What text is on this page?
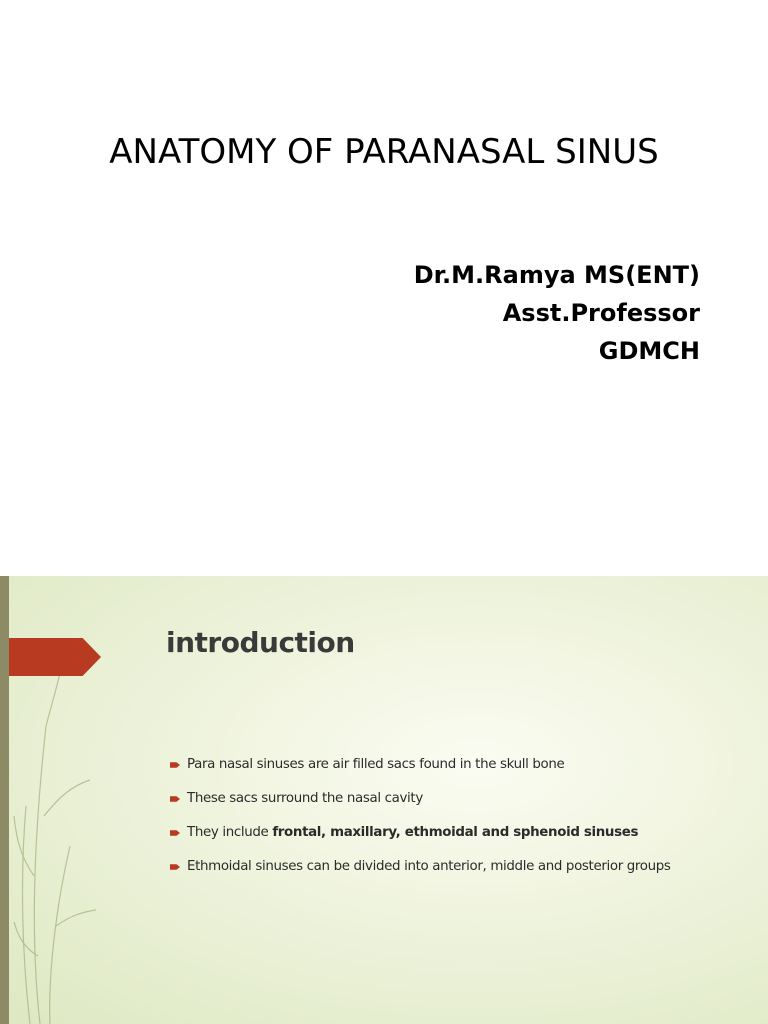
ANATOMY OF PARANASAL SINUS
Dr.M.Ramya MS(ENT)
Asst.Professor
GDMCH
introduction
Para nasal sinuses are air filled sacs found in the skull bone
These sacs surround the nasal cavity
They include frontal, maxillary, ethmoidal and sphenoid sinuses
Ethmoidal sinuses can be divided into anterior, middle and posterior groups
